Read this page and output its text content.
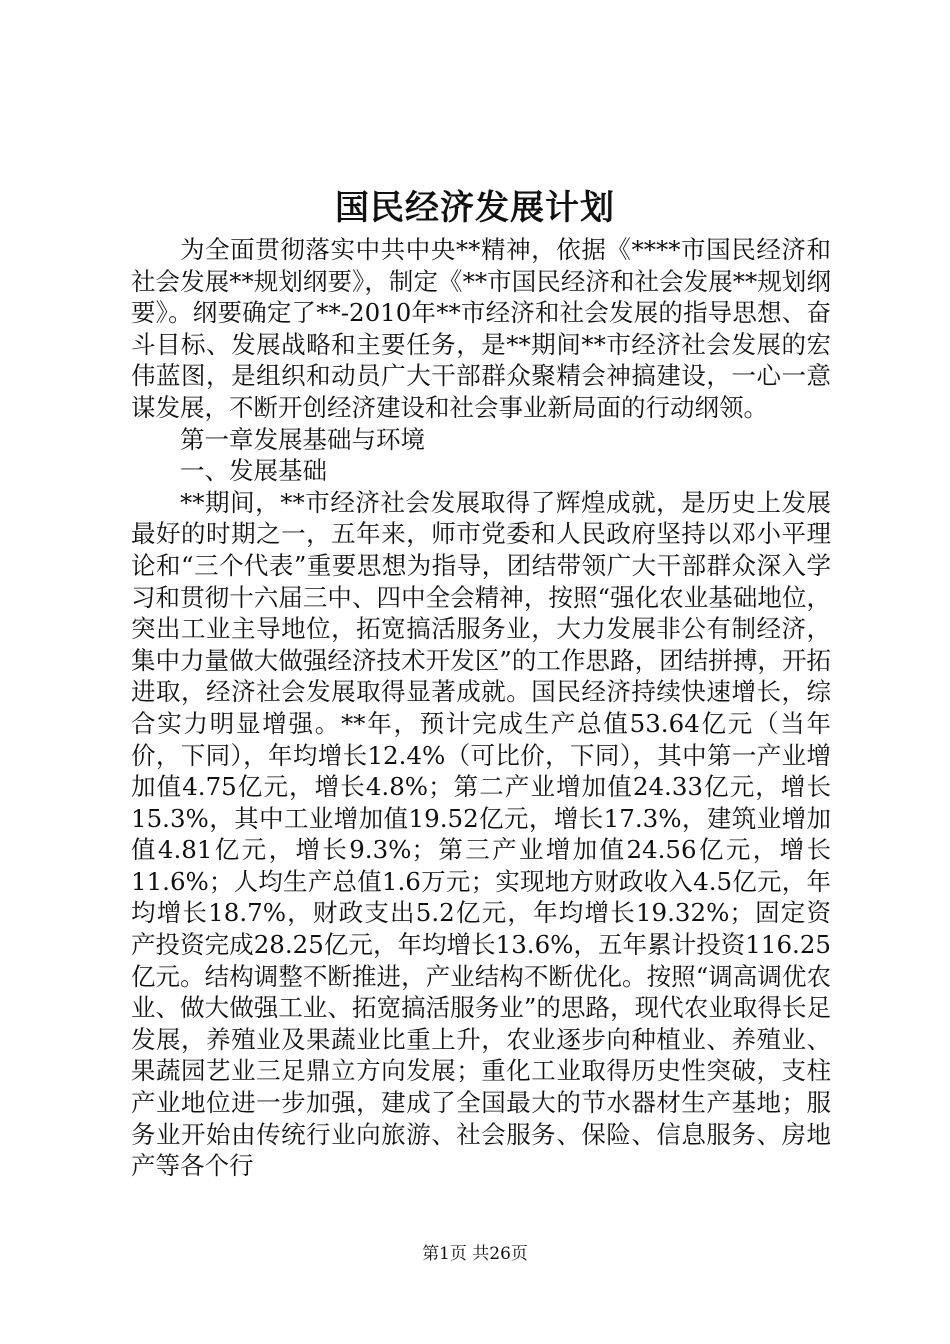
国民经济发展计划

为全面贯彻落实中共中央**精神，依据《****市国民经济和社会发展**规划纲要》，制定《**市国民经济和社会发展**规划纲要》。纲要确定了**-2010年**市经济和社会发展的指导思想、奋斗目标、发展战略和主要任务，是**期间**市经济社会发展的宏伟蓝图，是组织和动员广大干部群众聚精会神搞建设，一心一意谋发展，不断开创经济建设和社会事业新局面的行动纲领。

第一章发展基础与环境

一、发展基础

**期间，**市经济社会发展取得了辉煌成就，是历史上发展最好的时期之一，五年来，师市党委和人民政府坚持以邓小平理论和“三个代表”重要思想为指导，团结带领广大干部群众深入学习和贯彻十六届三中、四中全会精神，按照“强化农业基础地位，突出工业主导地位，拓宽搞活服务业，大力发展非公有制经济，集中力量做大做强经济技术开发区”的工作思路，团结拼搏，开拓进取，经济社会发展取得显著成就。国民经济持续快速增长，综合实力明显增强。**年，预计完成生产总值53.64亿元（当年价，下同），年均增长12.4%（可比价，下同），其中第一产业增加值4.75亿元，增长4.8%；第二产业增加值24.33亿元，增长15.3%，其中工业增加值19.52亿元，增长17.3%，建筑业增加值4.81亿元，增长9.3%；第三产业增加值24.56亿元，增长11.6%；人均生产总值1.6万元；实现地方财政收入4.5亿元，年均增长18.7%，财政支出5.2亿元，年均增长19.32%；固定资产投资完成28.25亿元，年均增长13.6%，五年累计投资116.25亿元。结构调整不断推进，产业结构不断优化。按照“调高调优农业、做大做强工业、拓宽搞活服务业”的思路，现代农业取得长足发展，养殖业及果蔬业比重上升，农业逐步向种植业、养殖业、果蔬园艺业三足鼎立方向发展；重化工业取得历史性突破，支柱产业地位进一步加强，建成了全国最大的节水器材生产基地；服务业开始由传统行业向旅游、社会服务、保险、信息服务、房地产等各个行

第1页 共26页
